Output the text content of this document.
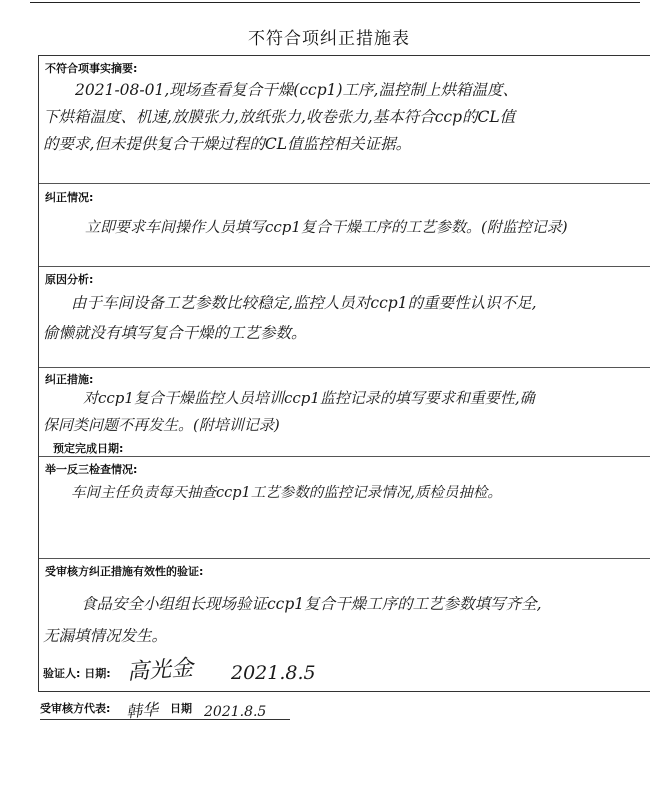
不符合项纠正措施表
不符合项事实摘要:
2021-08-01,现场查看复合干燥(ccp1)工序,温控制上烘箱温度、
下烘箱温度、机速,放膜张力,放纸张力,收卷张力,基本符合ccp的CL值
的要求,但未提供复合干燥过程的CL值监控相关证据。
纠正情况:
立即要求车间操作人员填写ccp1复合干燥工序的工艺参数。(附监控记录)
原因分析:
由于车间设备工艺参数比较稳定,监控人员对ccp1的重要性认识不足,
偷懒就没有填写复合干燥的工艺参数。
纠正措施:
对ccp1复合干燥监控人员培训ccp1监控记录的填写要求和重要性,确
保同类问题不再发生。(附培训记录)
预定完成日期:
举一反三检查情况:
车间主任负责每天抽查ccp1工艺参数的监控记录情况,质检员抽检。
受审核方纠正措施有效性的验证:
食品安全小组组长现场验证ccp1复合干燥工序的工艺参数填写齐全,
无漏填情况发生。
验证人: 日期: 高光金 2021.8.5
受审核方代表: 韩华 日期 2021.8.5
